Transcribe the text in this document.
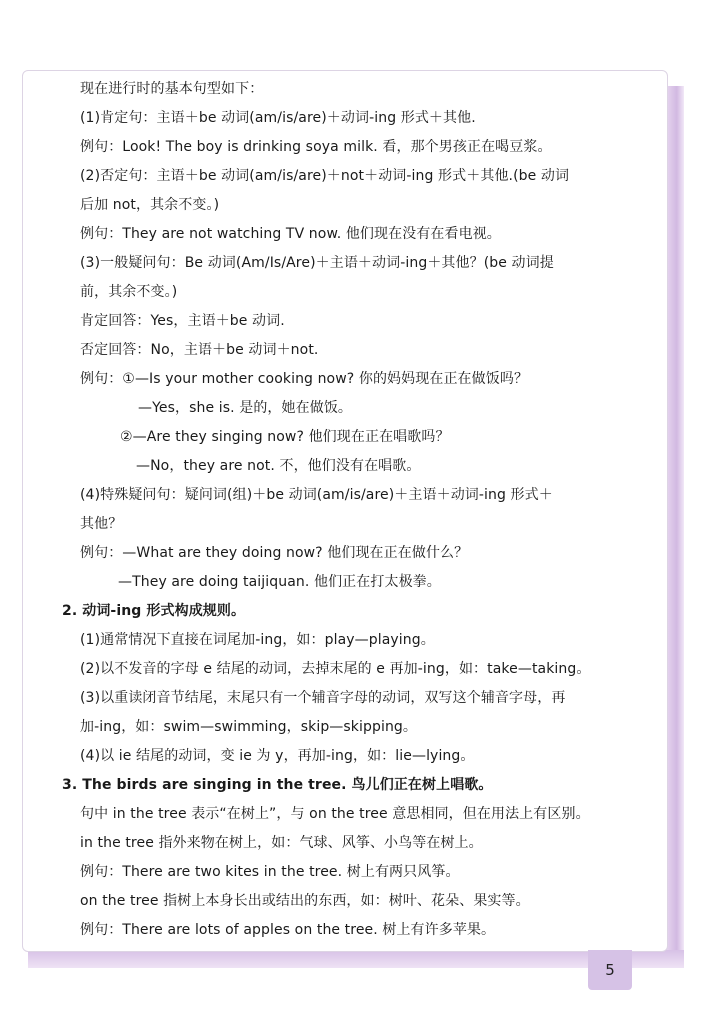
现在进行时的基本句型如下：
(1)肯定句：主语＋be 动词(am/is/are)＋动词-ing 形式＋其他.
例句：Look! The boy is drinking soya milk. 看，那个男孩正在喝豆浆。
(2)否定句：主语＋be 动词(am/is/are)＋not＋动词-ing 形式＋其他.(be 动词
后加 not，其余不变。)
例句：They are not watching TV now. 他们现在没有在看电视。
(3)一般疑问句：Be 动词(Am/Is/Are)＋主语＋动词-ing＋其他？(be 动词提
前，其余不变。)
肯定回答：Yes，主语＋be 动词.
否定回答：No，主语＋be 动词＋not.
例句：①—Is your mother cooking now? 你的妈妈现在正在做饭吗？
—Yes，she is. 是的，她在做饭。
②—Are they singing now? 他们现在正在唱歌吗？
—No，they are not. 不，他们没有在唱歌。
(4)特殊疑问句：疑问词(组)＋be 动词(am/is/are)＋主语＋动词-ing 形式＋
其他？
例句：—What are they doing now? 他们现在正在做什么？
—They are doing taijiquan. 他们正在打太极拳。
2. 动词-ing 形式构成规则。
(1)通常情况下直接在词尾加-ing，如：play—playing。
(2)以不发音的字母 e 结尾的动词，去掉末尾的 e 再加-ing，如：take—taking。
(3)以重读闭音节结尾，末尾只有一个辅音字母的动词，双写这个辅音字母，再
加-ing，如：swim—swimming，skip—skipping。
(4)以 ie 结尾的动词，变 ie 为 y，再加-ing，如：lie—lying。
3. The birds are singing in the tree. 鸟儿们正在树上唱歌。
句中 in the tree 表示“在树上”，与 on the tree 意思相同，但在用法上有区别。
in the tree 指外来物在树上，如：气球、风筝、小鸟等在树上。
例句：There are two kites in the tree. 树上有两只风筝。
on the tree 指树上本身长出或结出的东西，如：树叶、花朵、果实等。
例句：There are lots of apples on the tree. 树上有许多苹果。
5
